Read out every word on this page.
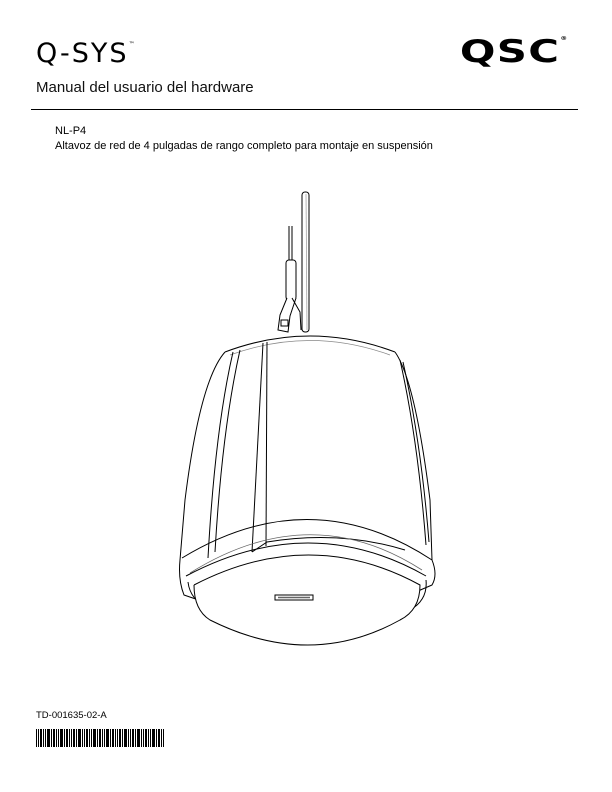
Q-SYS™	QSC®
Manual del usuario del hardware
NL-P4
Altavoz de red de 4 pulgadas de rango completo para montaje en suspensión
TD-001635-02-A
